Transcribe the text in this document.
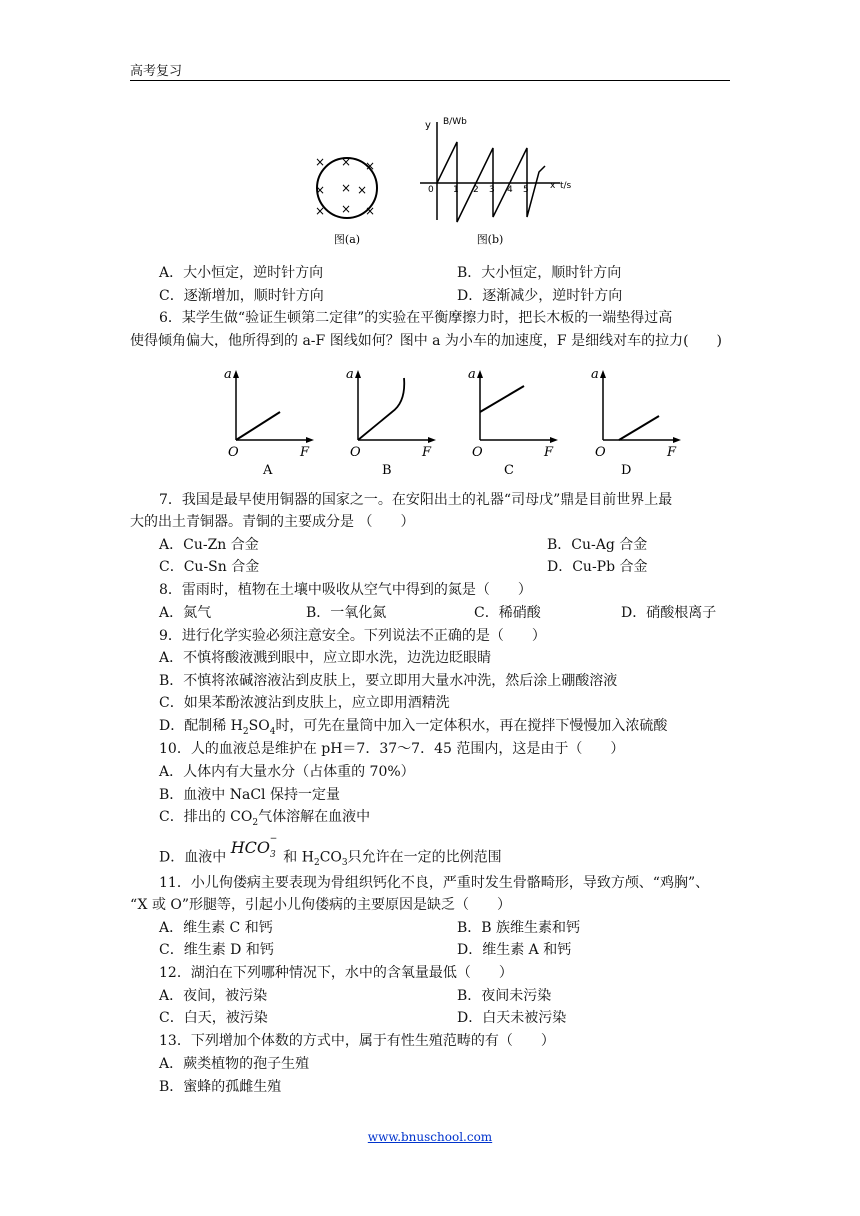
高考复习
× × ×
× × ×
× × ×
图(a)
y B/Wb
x t/s
0 1 2 3 4 5
图(b)
A．大小恒定，逆时针方向	B．大小恒定，顺时针方向
C．逐渐增加，顺时针方向	D．逐渐减少，逆时针方向
6．某学生做“验证生顿第二定律”的实验在平衡摩擦力时，把长木板的一端垫得过高
使得倾角偏大，他所得到的 a-F 图线如何？图中 a 为小车的加速度，F 是细线对车的拉力(　　)
a
O	F
A
a
O	F
B
a
O	F
C
a
O	F
D
7．我国是最早使用铜器的国家之一。在安阳出土的礼器“司母戊”鼎是目前世界上最
大的出土青铜器。青铜的主要成分是 （　　）
A．Cu-Zn 合金	B．Cu-Ag 合金
C．Cu-Sn 合金	D．Cu-Pb 合金
8．雷雨时，植物在土壤中吸收从空气中得到的氮是（　　）
A．氮气	B．一氧化氮	C．稀硝酸	D．硝酸根离子
9．进行化学实验必须注意安全。下列说法不正确的是（　　）
A．不慎将酸液溅到眼中，应立即水洗，边洗边眨眼睛
B．不慎将浓碱溶液沾到皮肤上，要立即用大量水冲洗，然后涂上硼酸溶液
C．如果苯酚浓渡沾到皮肤上，应立即用酒精洗
D．配制稀 $H_2SO_4$时，可先在量筒中加入一定体积水，再在搅拌下慢慢加入浓硫酸
10．人的血液总是维护在 pH＝7．37～7．45 范围内，这是由于（　　）
A．人体内有大量水分（占体重的 70%）
B．血液中 NaCl 保持一定量
C．排出的 $CO_2$气体溶解在血液中
D．血液中 $HCO_3^-$和 $H_2CO_3$只允许在一定的比例范围
11．小儿佝偻病主要表现为骨组织钙化不良，严重时发生骨骼畸形，导致方颅、“鸡胸”、
“X 或 O”形腿等，引起小儿佝偻病的主要原因是缺乏（　　）
A．维生素 C 和钙	B．B 族维生素和钙
C．维生素 D 和钙	D．维生素 A 和钙
12．湖泊在下列哪种情况下，水中的含氧量最低（　　）
A．夜间，被污染	B．夜间未污染
C．白天，被污染	D．白天未被污染
13．下列增加个体数的方式中，属于有性生殖范畴的有（　　）
A．蕨类植物的孢子生殖
B．蜜蜂的孤雌生殖
www.bnuschool.com
